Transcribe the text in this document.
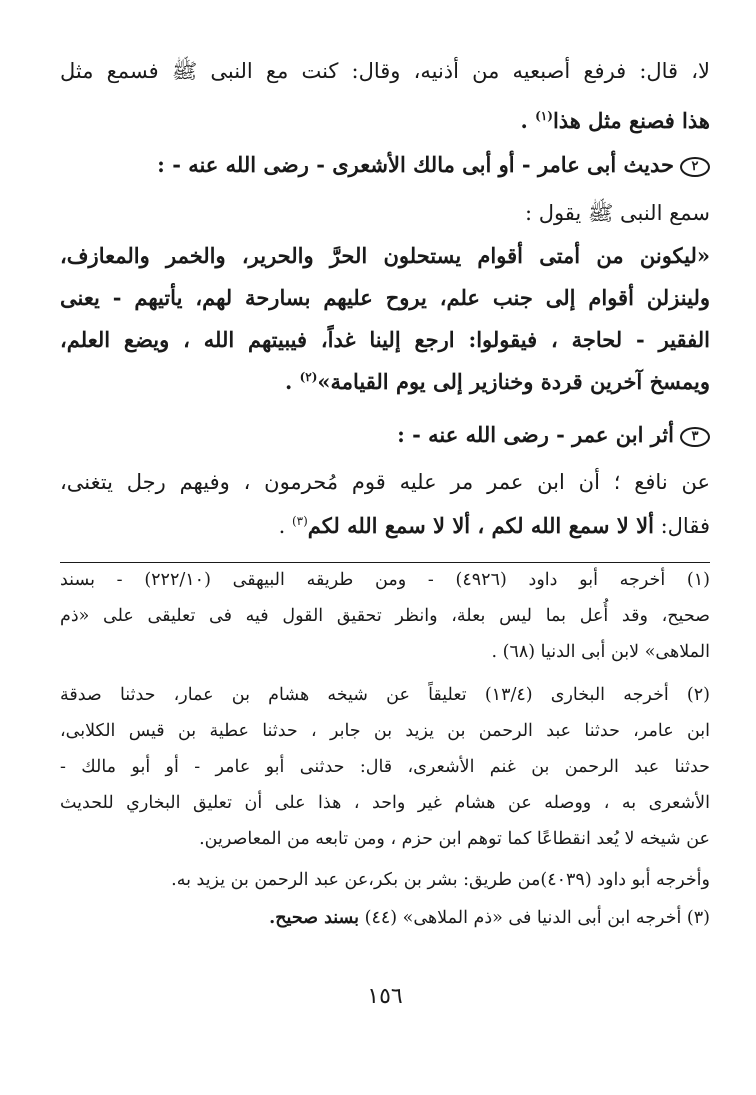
لا، قال: فرفع أصبعيه من أذنيه، وقال: كنت مع النبى ﷺ فسمع مثل
هذا فصنع مثل هذا$^{(١)}$ .
٢حديث أبى عامر - أو أبى مالك الأشعرى - رضى الله عنه - :
سمع النبى ﷺ يقول :
«ليكونن من أمتى أقوام يستحلون الحرَّ والحرير، والخمر والمعازف،
ولينزلن أقوام إلى جنب علم، يروح عليهم بسارحة لهم، يأتيهم - يعنى
الفقير - لحاجة ، فيقولوا: ارجع إلينا غداً، فيبيتهم الله ، ويضع العلم،
ويمسخ آخرين قردة وخنازير إلى يوم القيامة»$^{(٢)}$ .
٣أثر ابن عمر - رضى الله عنه - :
عن نافع ؛ أن ابن عمر مر عليه قوم مُحرمون ، وفيهم رجل يتغنى،
فقال: ألا لا سمع الله لكم ، ألا لا سمع الله لكم$^{(٣)}$ .
(١) أخرجه أبو داود (٤٩٢٦) - ومن طريقه البيهقى (٢٢٢/١٠) - بسند
صحيح، وقد أُعل بما ليس بعلة، وانظر تحقيق القول فيه فى تعليقى على «ذم
الملاهى» لابن أبى الدنيا (٦٨) .
(٢) أخرجه البخارى (١٣/٤) تعليقاً عن شيخه هشام بن عمار، حدثنا صدقة
ابن عامر، حدثنا عبد الرحمن بن يزيد بن جابر ، حدثنا عطية بن قيس الكلابى،
حدثنا عبد الرحمن بن غنم الأشعرى، قال: حدثنى أبو عامر - أو أبو مالك -
الأشعرى به ، ووصله عن هشام غير واحد ، هذا على أن تعليق البخاري للحديث
عن شيخه لا يُعد انقطاعًا كما توهم ابن حزم ، ومن تابعه من المعاصرين.
وأخرجه أبو داود (٤٠٣٩)من طريق: بشر بن بكر،عن عبد الرحمن بن يزيد به.
(٣) أخرجه ابن أبى الدنيا فى «ذم الملاهى» (٤٤) بسند صحيح.
١٥٦
